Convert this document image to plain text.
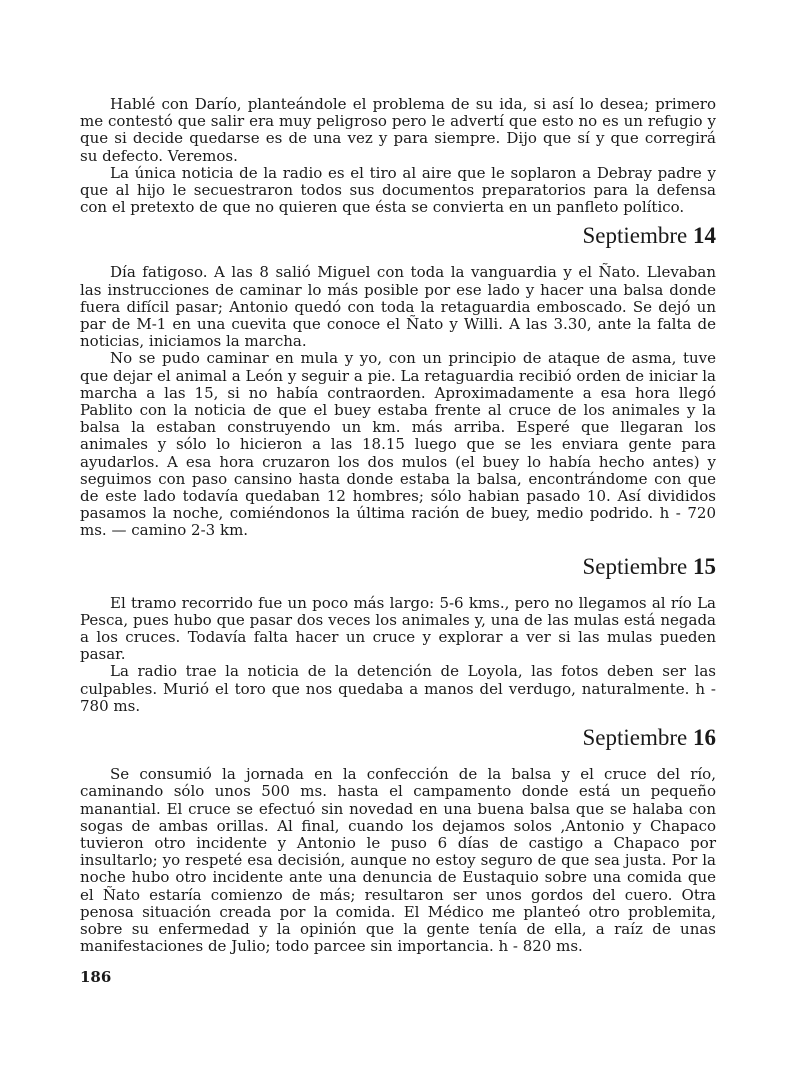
Hablé con Darío, planteándole el problema de su ida, si así lo desea; primero me contestó que salir era muy peligroso pero le advertí que esto no es un refugio y que si decide quedarse es de una vez y para siempre. Dijo que sí y que corregirá su defecto. Veremos.

La única noticia de la radio es el tiro al aire que le soplaron a Debray padre y que al hijo le secuestraron todos sus documentos preparatorios para la defensa con el pretexto de que no quieren que ésta se convierta en un panfleto político.

Septiembre 14

Día fatigoso. A las 8 salió Miguel con toda la vanguardia y el Ñato. Llevaban las instrucciones de caminar lo más posible por ese lado y hacer una balsa donde fuera difícil pasar; Antonio quedó con toda la retaguardia emboscado. Se dejó un par de M-1 en una cuevita que conoce el Ñato y Willi. A las 3.30, ante la falta de noticias, iniciamos la marcha.

No se pudo caminar en mula y yo, con un principio de ataque de asma, tuve que dejar el animal a León y seguir a pie. La retaguardia recibió orden de iniciar la marcha a las 15, si no había contraorden. Aproximadamente a esa hora llegó Pablito con la noticia de que el buey estaba frente al cruce de los animales y la balsa la estaban construyendo un km. más arriba. Esperé que llegaran los animales y sólo lo hicieron a las 18.15 luego que se les enviara gente para ayudarlos. A esa hora cruzaron los dos mulos (el buey lo había hecho antes) y seguimos con paso cansino hasta donde estaba la balsa, encontrándome con que de este lado todavía quedaban 12 hombres; sólo habian pasado 10. Así divididos pasamos la noche, comiéndonos la última ración de buey, medio podrido. h - 720 ms. — camino 2-3 km.

Septiembre 15

El tramo recorrido fue un poco más largo: 5-6 kms., pero no llegamos al río La Pesca, pues hubo que pasar dos veces los animales y, una de las mulas está negada a los cruces. Todavía falta hacer un cruce y explorar a ver si las mulas pueden pasar.

La radio trae la noticia de la detención de Loyola, las fotos deben ser las culpables. Murió el toro que nos quedaba a manos del verdugo, naturalmente. h - 780 ms.

Septiembre 16

Se consumió la jornada en la confección de la balsa y el cruce del río, caminando sólo unos 500 ms. hasta el campamento donde está un pequeño manantial. El cruce se efectuó sin novedad en una buena balsa que se halaba con sogas de ambas orillas. Al final, cuando los dejamos solos ,Antonio y Chapaco tuvieron otro incidente y Antonio le puso 6 días de castigo a Chapaco por insultarlo; yo respeté esa decisión, aunque no estoy seguro de que sea justa. Por la noche hubo otro incidente ante una denuncia de Eustaquio sobre una comida que el Ñato estaría comienzo de más; resultaron ser unos gordos del cuero. Otra penosa situación creada por la comida. El Médico me planteó otro problemita, sobre su enfermedad y la opinión que la gente tenía de ella, a raíz de unas manifestaciones de Julio; todo parcee sin importancia. h - 820 ms.

186
